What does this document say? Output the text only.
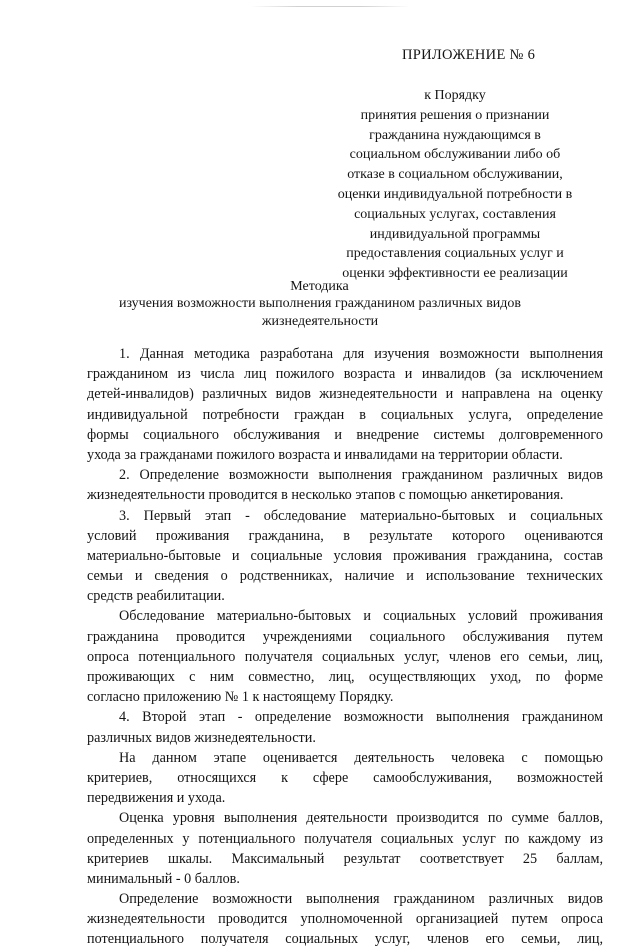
ПРИЛОЖЕНИЕ № 6
к Порядку
принятия решения о признании
гражданина нуждающимся в
социальном обслуживании либо об
отказе в социальном обслуживании,
оценки индивидуальной потребности в
социальных услугах, составления
индивидуальной программы
предоставления социальных услуг и
оценки эффективности ее реализации
Методика
изучения возможности выполнения гражданином различных видов
жизнедеятельности
1. Данная методика разработана для изучения возможности выполнения
гражданином из числа лиц пожилого возраста и инвалидов (за исключением
детей-инвалидов) различных видов жизнедеятельности и направлена на оценку
индивидуальной потребности граждан в социальных услуга, определение
формы социального обслуживания и внедрение системы долговременного
ухода за гражданами пожилого возраста и инвалидами на территории области.
2. Определение возможности выполнения гражданином различных видов
жизнедеятельности проводится в несколько этапов с помощью анкетирования.
3. Первый этап - обследование материально-бытовых и социальных
условий проживания гражданина, в результате которого оцениваются
материально-бытовые и социальные условия проживания гражданина, состав
семьи и сведения о родственниках, наличие и использование технических
средств реабилитации.
Обследование материально-бытовых и социальных условий проживания
гражданина проводится учреждениями социального обслуживания путем
опроса потенциального получателя социальных услуг, членов его семьи, лиц,
проживающих с ним совместно, лиц, осуществляющих уход, по форме
согласно приложению № 1 к настоящему Порядку.
4. Второй этап - определение возможности выполнения гражданином
различных видов жизнедеятельности.
На данном этапе оценивается деятельность человека с помощью
критериев, относящихся к сфере самообслуживания, возможностей
передвижения и ухода.
Оценка уровня выполнения деятельности производится по сумме баллов,
определенных у потенциального получателя социальных услуг по каждому из
критериев шкалы. Максимальный результат соответствует 25 баллам,
минимальный - 0 баллов.
Определение возможности выполнения гражданином различных видов
жизнедеятельности проводится уполномоченной организацией путем опроса
потенциального получателя социальных услуг, членов его семьи, лиц,
